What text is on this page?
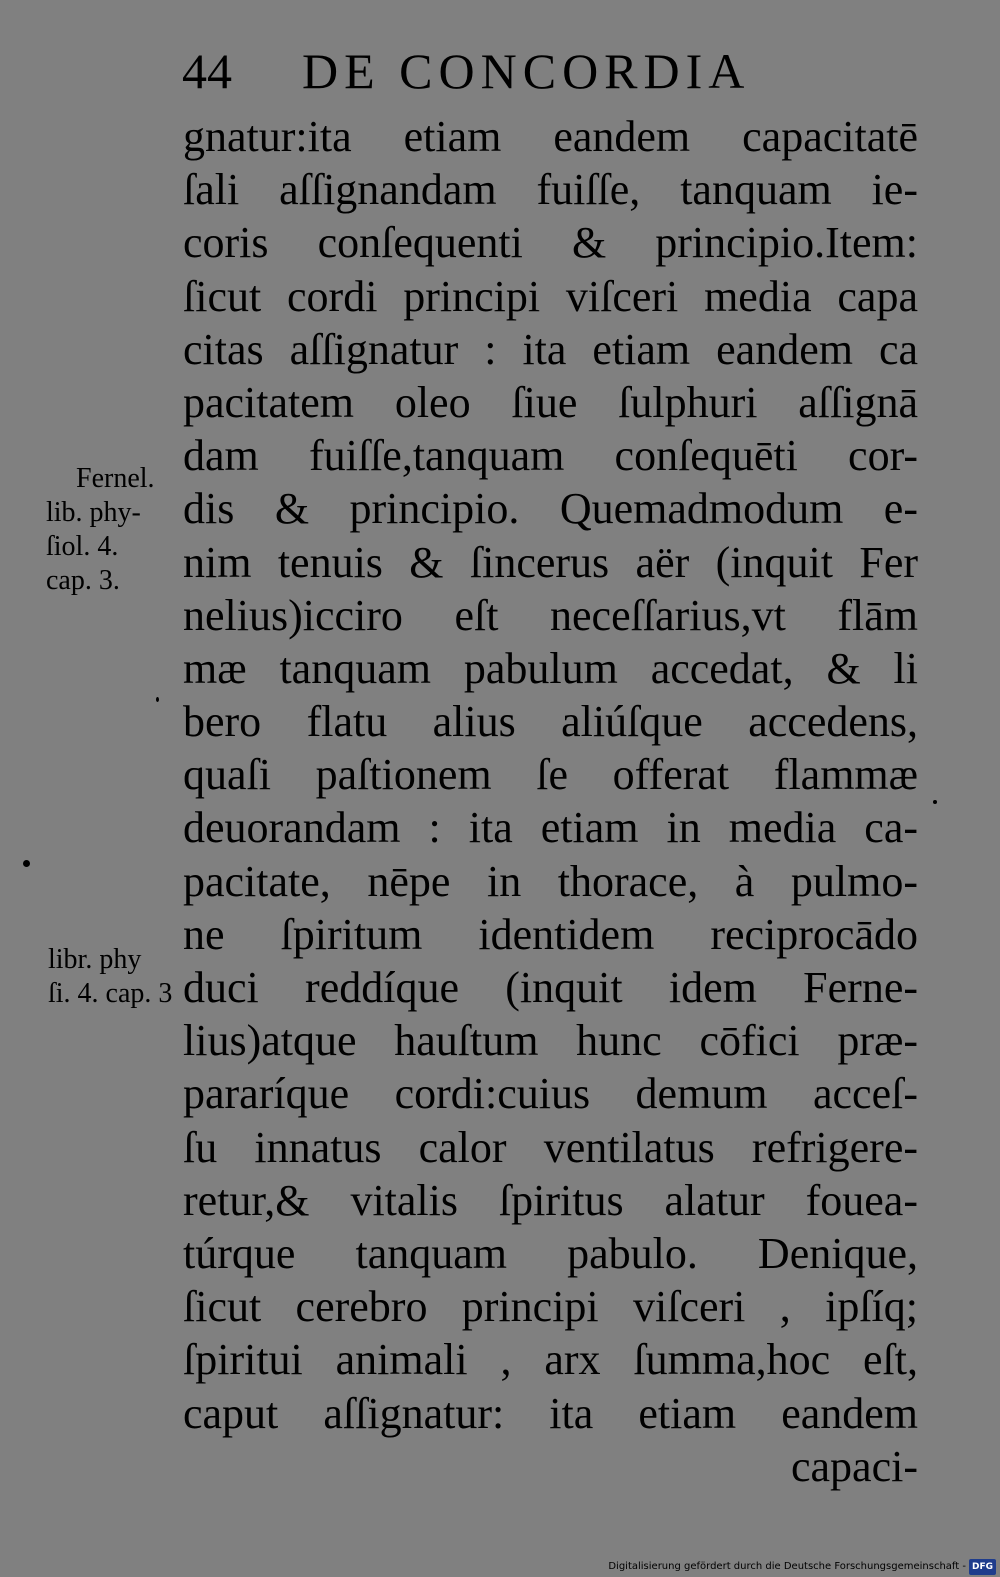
44 DE CONCORDIA
gnatur:ita etiam eandem capacitatē
ſali aſſignandam fuiſſe, tanquam ie-
coris conſequenti & principio.Item:
ſicut cordi principi viſceri media capa
citas aſſignatur : ita etiam eandem ca
pacitatem oleo ſiue ſulphuri aſſignā
dam fuiſſe,tanquam conſequēti cor-
dis & principio. Quemadmodum e-
nim tenuis & ſincerus aër (inquit Fer
nelius)icciro eſt neceſſarius,vt flām
mæ tanquam pabulum accedat, & li
bero flatu alius aliúſque accedens,
quaſi paſtionem ſe offerat flammæ
deuorandam : ita etiam in media ca-
pacitate, nēpe in thorace, à pulmo-
ne ſpiritum identidem reciprocādo
duci reddíque (inquit idem Ferne-
lius)atque hauſtum hunc cōfici præ-
pararíque cordi:cuius demum acceſ-
ſu innatus calor ventilatus refrigere-
retur,& vitalis ſpiritus alatur fouea-
túrque tanquam pabulo. Denique,
ſicut cerebro principi viſceri , ipſíq;
ſpiritui animali , arx ſumma,hoc eſt,
caput aſſignatur: ita etiam eandem
capaci-
Fernel.
lib. phy-
ſiol. 4.
cap. 3.
libr. phy
ſi. 4. cap. 3
Digitalisierung gefördert durch die Deutsche Forschungsgemeinschaft - DFG
